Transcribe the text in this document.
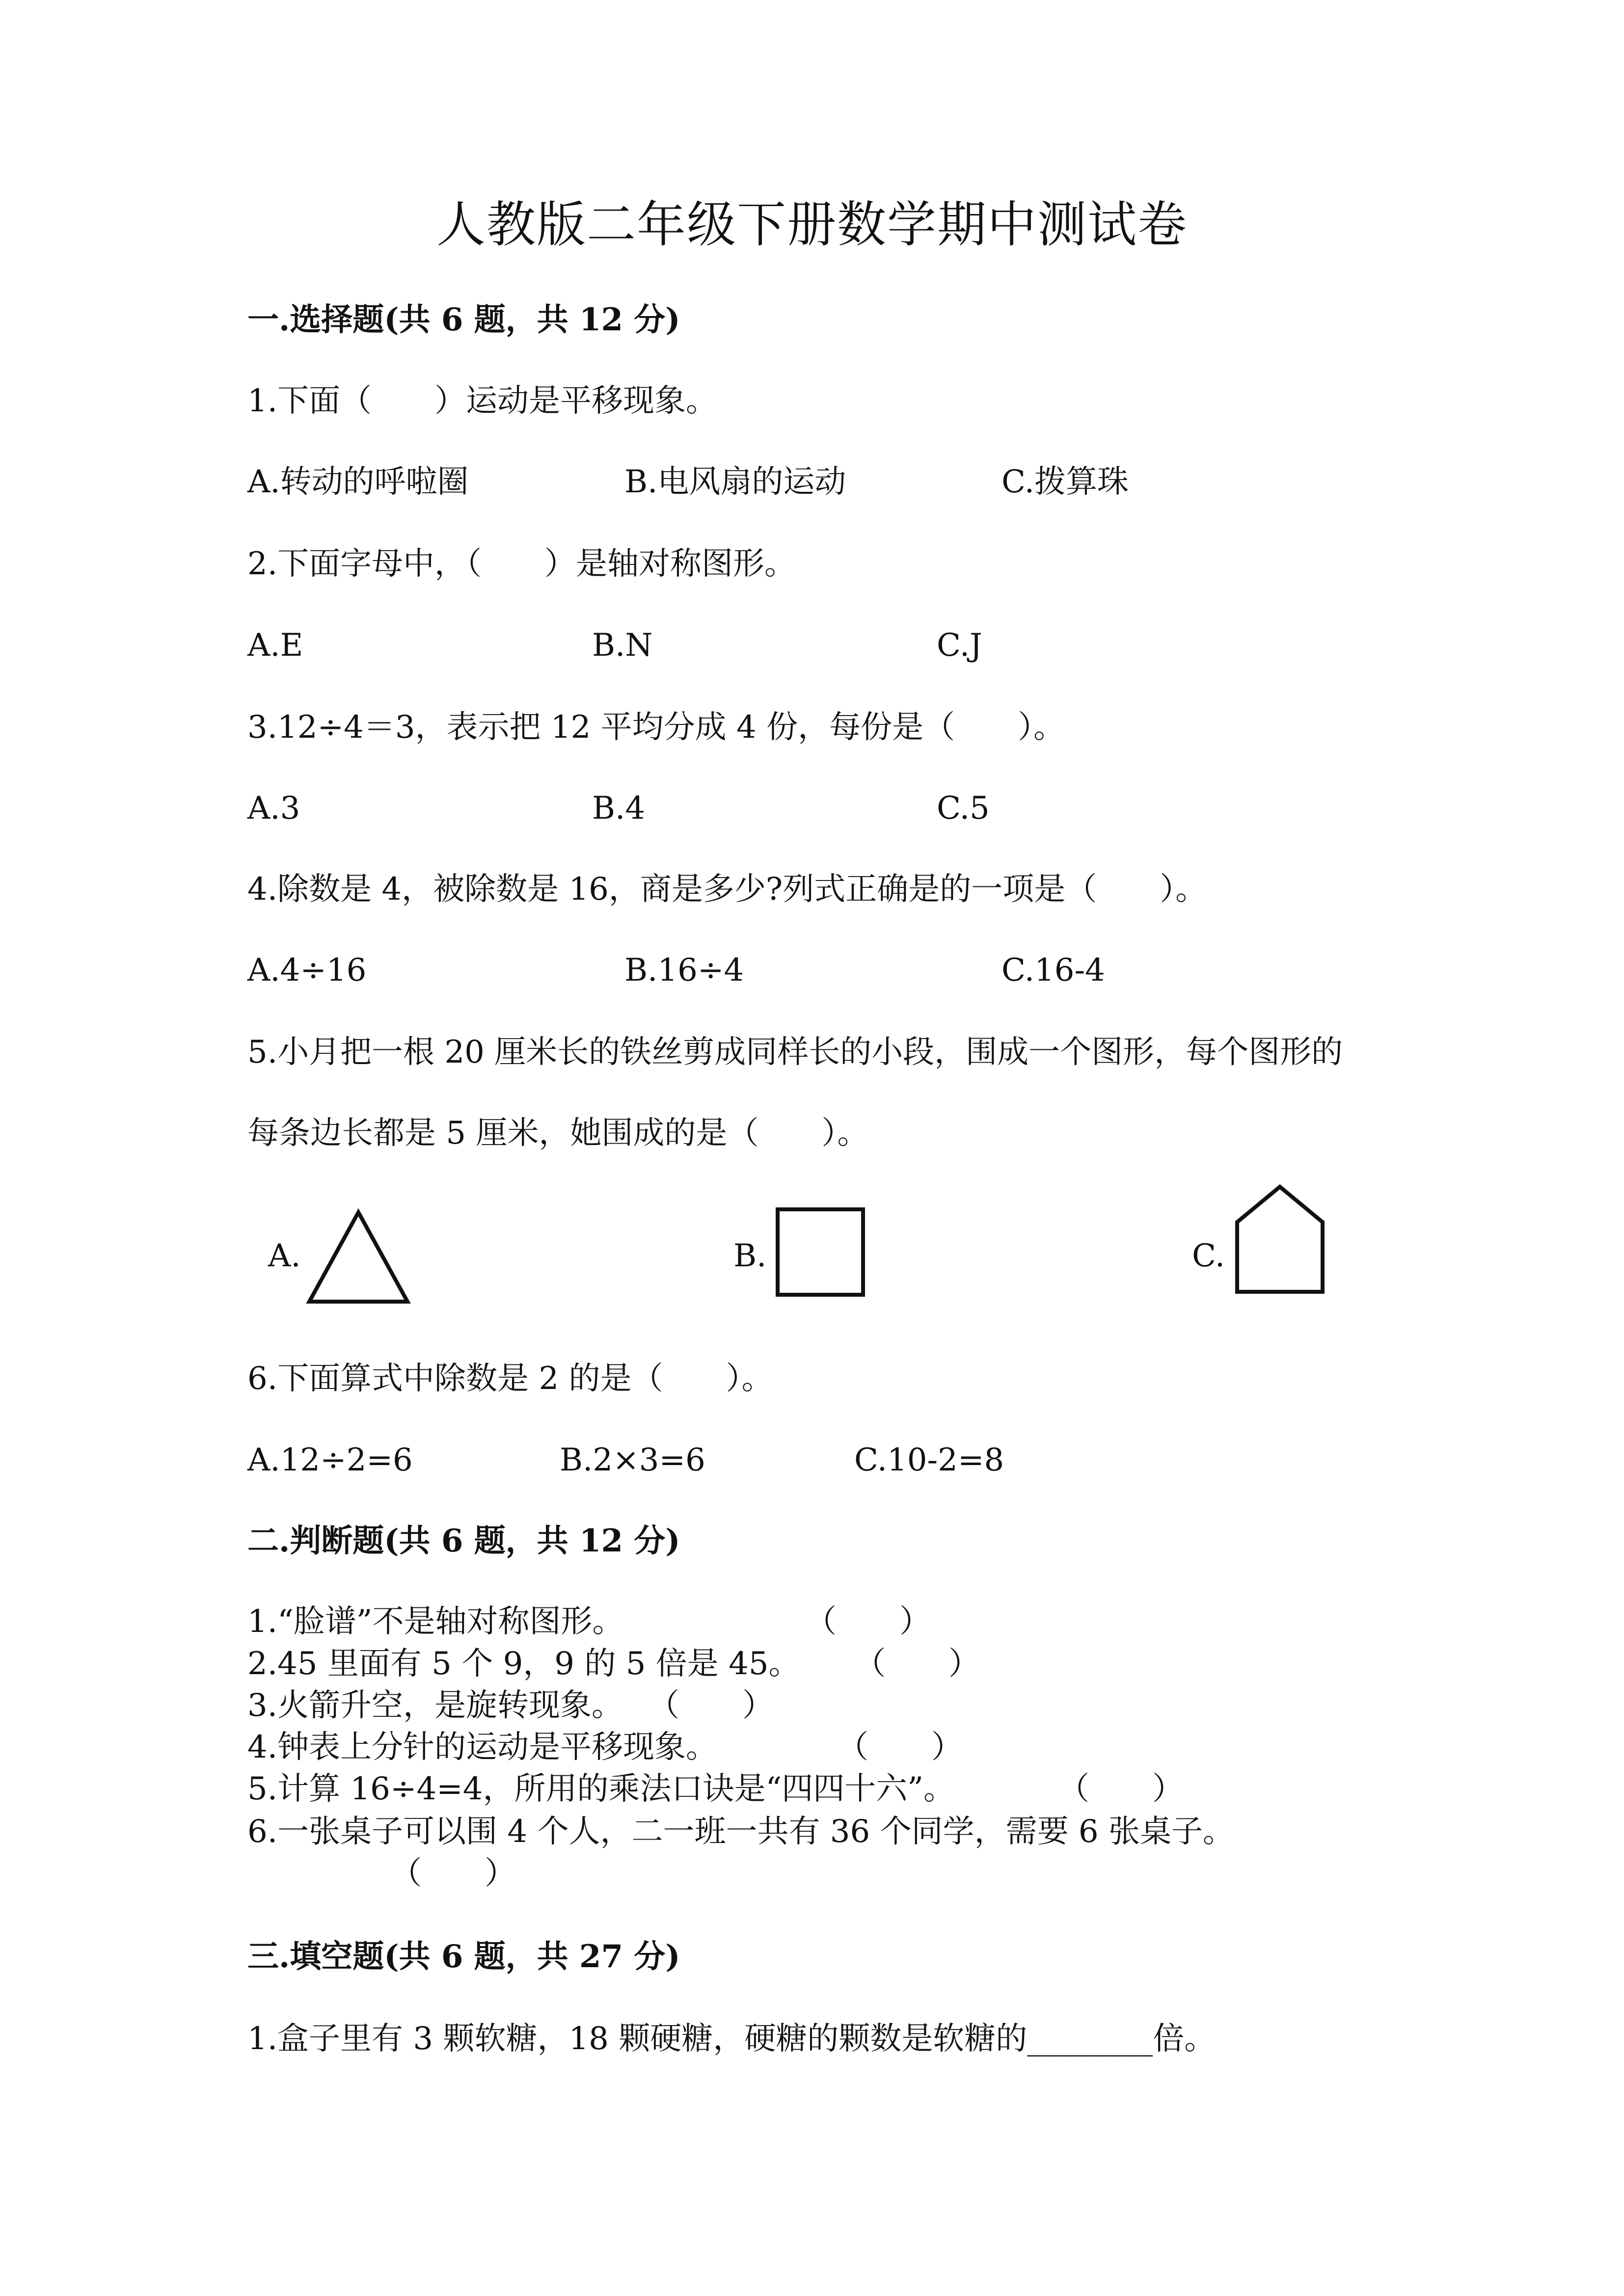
人教版二年级下册数学期中测试卷
一.选择题(共 6 题，共 12 分)
1.下面（　　）运动是平移现象。
A.转动的呼啦圈	B.电风扇的运动	C.拨算珠
2.下面字母中，（　　）是轴对称图形。
A.E	B.N	C.J
3.12÷4＝3，表示把 12 平均分成 4 份，每份是（　　）。
A.3	B.4	C.5
4.除数是 4，被除数是 16，商是多少?列式正确是的一项是（　　）。
A.4÷16	B.16÷4	C.16-4
5.小月把一根 20 厘米长的铁丝剪成同样长的小段，围成一个图形，每个图形的
每条边长都是 5 厘米，她围成的是（　　）。
A.	B.	C.
6.下面算式中除数是 2 的是（　　）。
A.12÷2=6	B.2×3=6	C.10-2=8
二.判断题(共 6 题，共 12 分)
1.“脸谱”不是轴对称图形。	（　　）
2.45 里面有 5 个 9，9 的 5 倍是 45。 （　　）
3.火箭升空，是旋转现象。 （　　）
4.钟表上分针的运动是平移现象。	（　　）
5.计算 16÷4=4，所用的乘法口诀是“四四十六”。	（　　）
6.一张桌子可以围 4 个人，二一班一共有 36 个同学，需要 6 张桌子。
（　　）
三.填空题(共 6 题，共 27 分)
1.盒子里有 3 颗软糖，18 颗硬糖，硬糖的颗数是软糖的________倍。
